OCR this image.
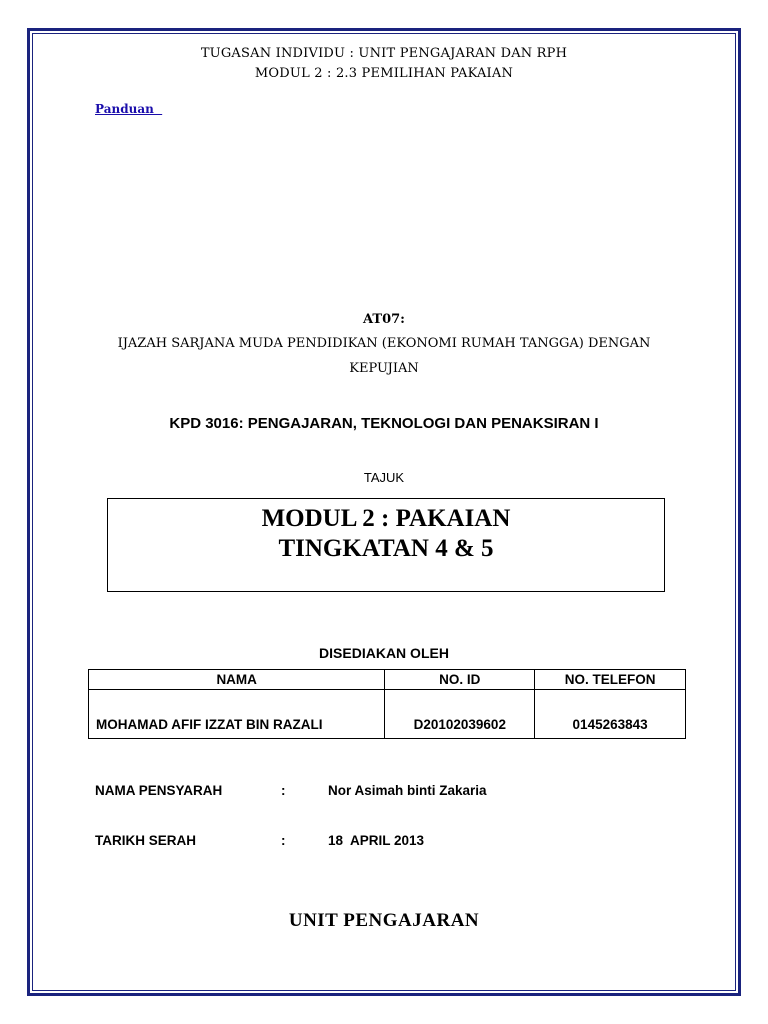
TUGASAN INDIVIDU : UNIT PENGAJARAN DAN RPH
MODUL 2 : 2.3 PEMILIHAN PAKAIAN
Panduan
AT07:
IJAZAH SARJANA MUDA PENDIDIKAN (EKONOMI RUMAH TANGGA) DENGAN
KEPUJIAN
KPD 3016: PENGAJARAN, TEKNOLOGI DAN PENAKSIRAN I
TAJUK
MODUL 2 : PAKAIAN
TINGKATAN 4 & 5
DISEDIAKAN OLEH
NAMA	NO. ID	NO. TELEFON
MOHAMAD AFIF IZZAT BIN RAZALI	D20102039602	0145263843
NAMA PENSYARAH	:	Nor Asimah binti Zakaria
TARIKH SERAH	:	18  APRIL 2013
UNIT PENGAJARAN
